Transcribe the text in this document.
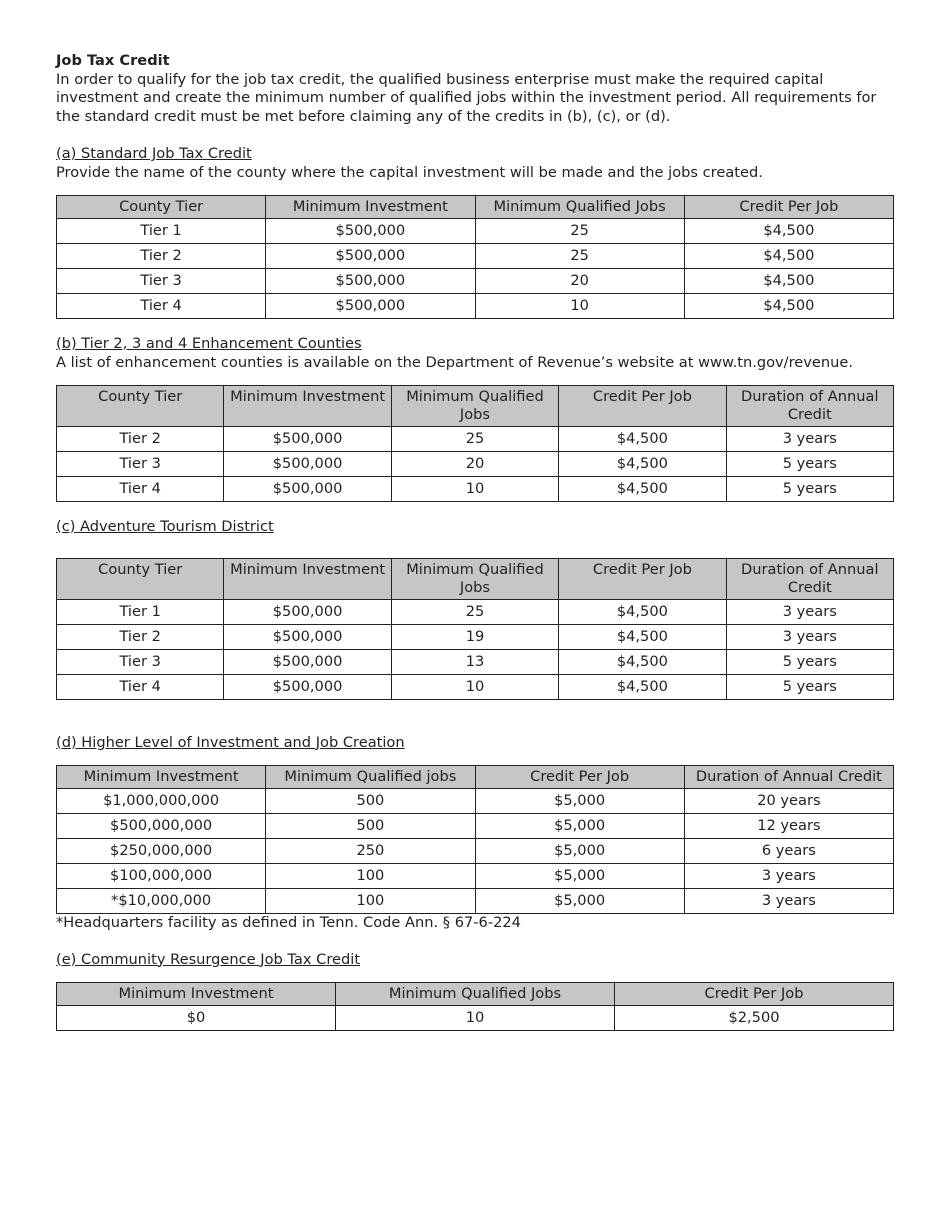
Job Tax Credit

In order to qualify for the job tax credit, the qualified business enterprise must make the required capital investment and create the minimum number of qualified jobs within the investment period. All requirements for the standard credit must be met before claiming any of the credits in (b), (c), or (d).

(a) Standard Job Tax Credit

Provide the name of the county where the capital investment will be made and the jobs created.

County Tier	Minimum Investment	Minimum Qualified Jobs	Credit Per Job
Tier 1	$500,000	25	$4,500
Tier 2	$500,000	25	$4,500
Tier 3	$500,000	20	$4,500
Tier 4	$500,000	10	$4,500

(b) Tier 2, 3 and 4 Enhancement Counties

A list of enhancement counties is available on the Department of Revenue’s website at www.tn.gov/revenue.

County Tier	Minimum Investment	Minimum Qualified Jobs	Credit Per Job	Duration of Annual Credit
Tier 2	$500,000	25	$4,500	3 years
Tier 3	$500,000	20	$4,500	5 years
Tier 4	$500,000	10	$4,500	5 years

(c) Adventure Tourism District

County Tier	Minimum Investment	Minimum Qualified Jobs	Credit Per Job	Duration of Annual Credit
Tier 1	$500,000	25	$4,500	3 years
Tier 2	$500,000	19	$4,500	3 years
Tier 3	$500,000	13	$4,500	5 years
Tier 4	$500,000	10	$4,500	5 years

(d) Higher Level of Investment and Job Creation

Minimum Investment	Minimum Qualified jobs	Credit Per Job	Duration of Annual Credit
$1,000,000,000	500	$5,000	20 years
$500,000,000	500	$5,000	12 years
$250,000,000	250	$5,000	6 years
$100,000,000	100	$5,000	3 years
*$10,000,000	100	$5,000	3 years

*Headquarters facility as defined in Tenn. Code Ann. § 67-6-224

(e) Community Resurgence Job Tax Credit

Minimum Investment	Minimum Qualified Jobs	Credit Per Job
$0	10	$2,500
